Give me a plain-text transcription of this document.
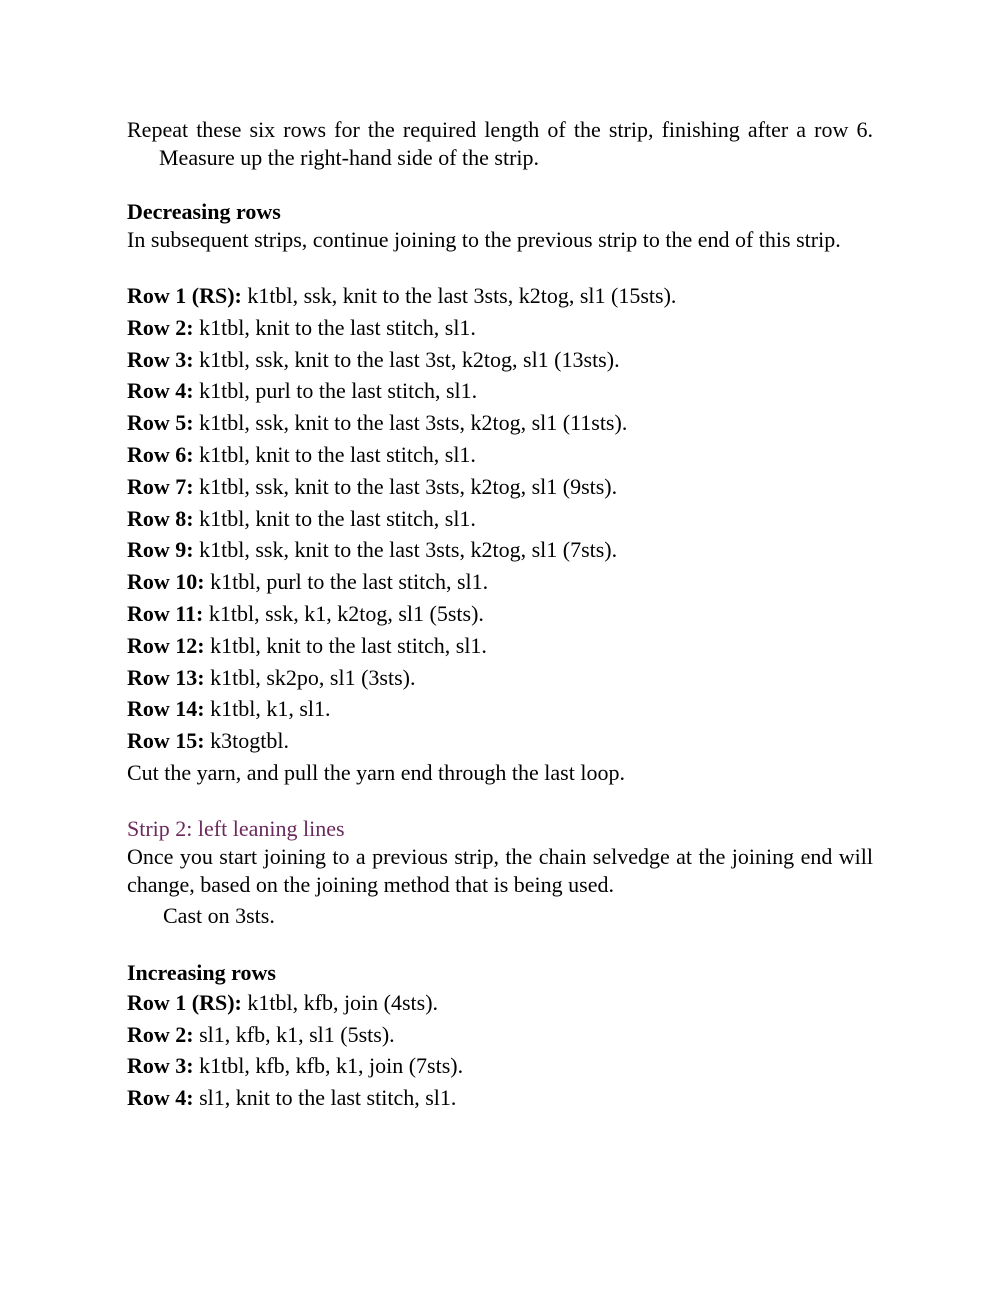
Repeat these six rows for the required length of the strip, finishing after a row 6. Measure up the right-hand side of the strip.

Decreasing rows

In subsequent strips, continue joining to the previous strip to the end of this strip.

Row 1 (RS): k1tbl, ssk, knit to the last 3sts, k2tog, sl1 (15sts).

Row 2: k1tbl, knit to the last stitch, sl1.

Row 3: k1tbl, ssk, knit to the last 3st, k2tog, sl1 (13sts).

Row 4: k1tbl, purl to the last stitch, sl1.

Row 5: k1tbl, ssk, knit to the last 3sts, k2tog, sl1 (11sts).

Row 6: k1tbl, knit to the last stitch, sl1.

Row 7: k1tbl, ssk, knit to the last 3sts, k2tog, sl1 (9sts).

Row 8: k1tbl, knit to the last stitch, sl1.

Row 9: k1tbl, ssk, knit to the last 3sts, k2tog, sl1 (7sts).

Row 10: k1tbl, purl to the last stitch, sl1.

Row 11: k1tbl, ssk, k1, k2tog, sl1 (5sts).

Row 12: k1tbl, knit to the last stitch, sl1.

Row 13: k1tbl, sk2po, sl1 (3sts).

Row 14: k1tbl, k1, sl1.

Row 15: k3togtbl.

Cut the yarn, and pull the yarn end through the last loop.

Strip 2: left leaning lines

Once you start joining to a previous strip, the chain selvedge at the joining end will change, based on the joining method that is being used.

Cast on 3sts.

Increasing rows

Row 1 (RS): k1tbl, kfb, join (4sts).

Row 2: sl1, kfb, k1, sl1 (5sts).

Row 3: k1tbl, kfb, kfb, k1, join (7sts).

Row 4: sl1, knit to the last stitch, sl1.
